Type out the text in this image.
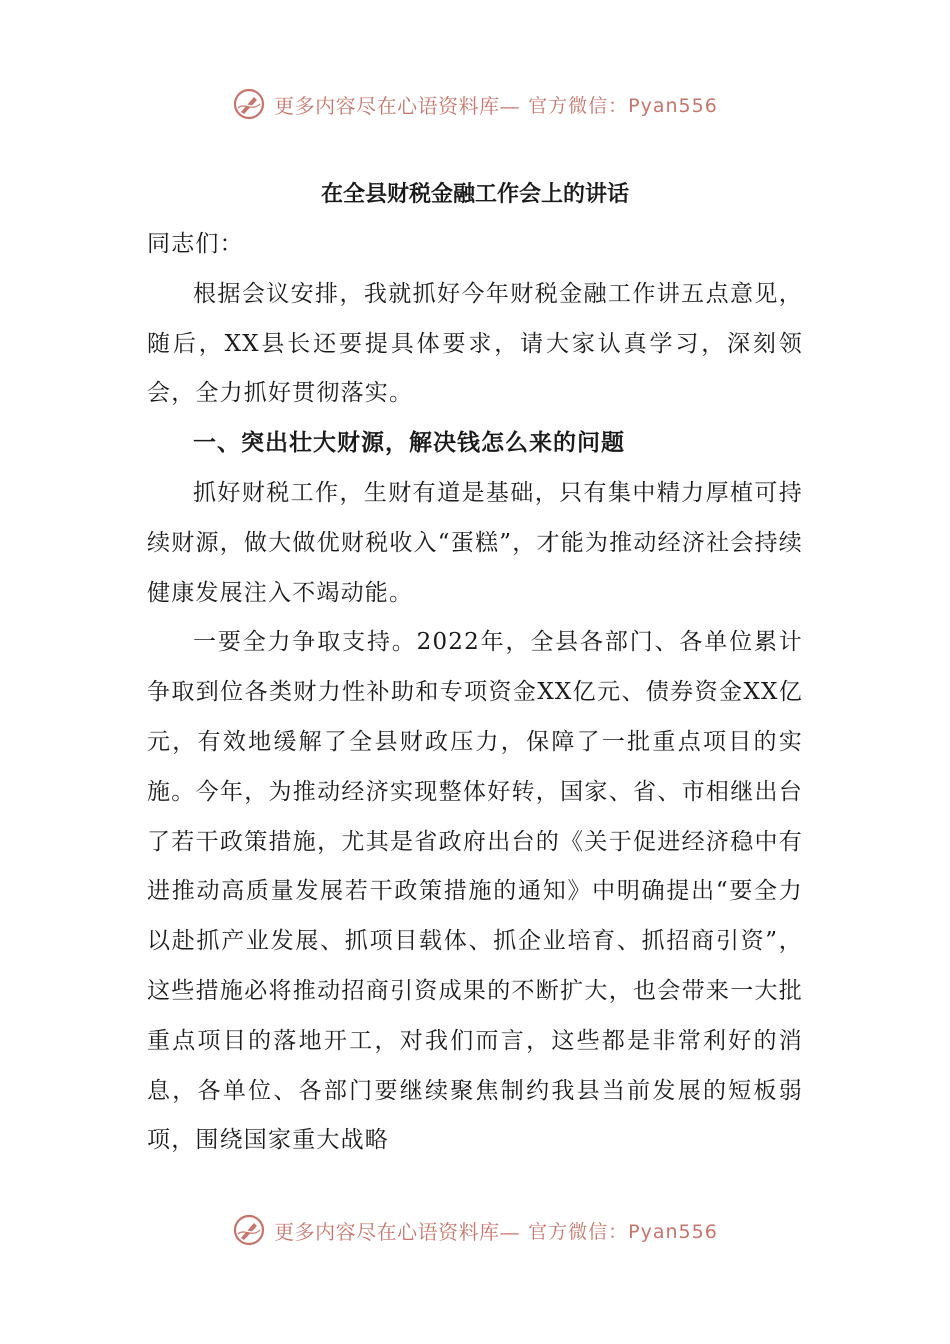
更多内容尽在心语资料库— 官方微信：Pyan556
在全县财税金融工作会上的讲话

同志们：

根据会议安排，我就抓好今年财税金融工作讲五点意见，随后，XX县长还要提具体要求，请大家认真学习，深刻领会，全力抓好贯彻落实。

一、突出壮大财源，解决钱怎么来的问题

抓好财税工作，生财有道是基础，只有集中精力厚植可持续财源，做大做优财税收入“蛋糕”，才能为推动经济社会持续健康发展注入不竭动能。

一要全力争取支持。2022年，全县各部门、各单位累计争取到位各类财力性补助和专项资金XX亿元、债券资金XX亿元，有效地缓解了全县财政压力，保障了一批重点项目的实施。今年，为推动经济实现整体好转，国家、省、市相继出台了若干政策措施，尤其是省政府出台的《关于促进经济稳中有进推动高质量发展若干政策措施的通知》中明确提出“要全力以赴抓产业发展、抓项目载体、抓企业培育、抓招商引资”，这些措施必将推动招商引资成果的不断扩大，也会带来一大批重点项目的落地开工，对我们而言，这些都是非常利好的消息，各单位、各部门要继续聚焦制约我县当前发展的短板弱项，围绕国家重大战略

更多内容尽在心语资料库— 官方微信：Pyan556
